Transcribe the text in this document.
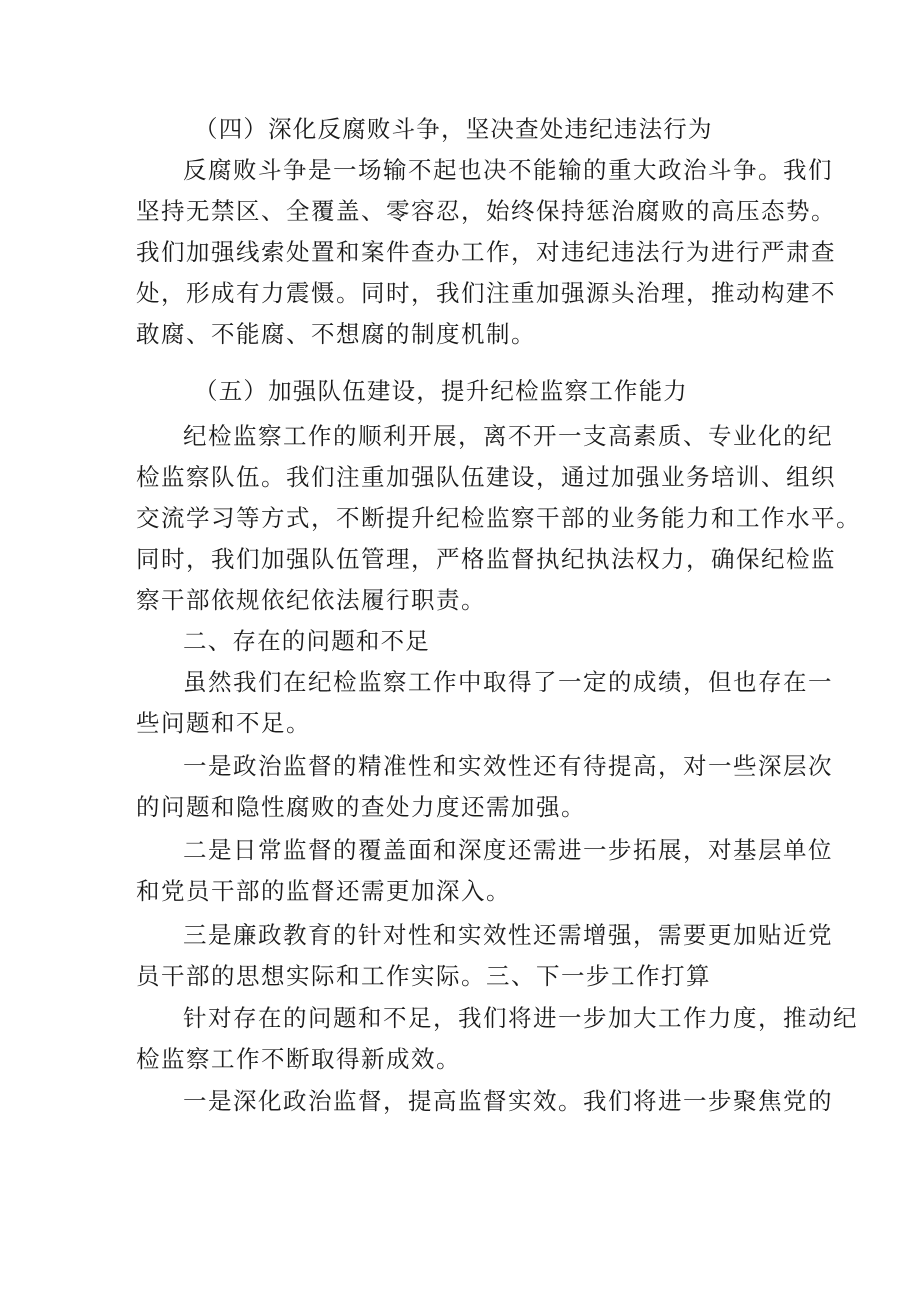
（四）深化反腐败斗争，坚决查处违纪违法行为
反腐败斗争是一场输不起也决不能输的重大政治斗争。我们
坚持无禁区、全覆盖、零容忍，始终保持惩治腐败的高压态势。
我们加强线索处置和案件查办工作，对违纪违法行为进行严肃查
处，形成有力震慑。同时，我们注重加强源头治理，推动构建不
敢腐、不能腐、不想腐的制度机制。
（五）加强队伍建设，提升纪检监察工作能力
纪检监察工作的顺利开展，离不开一支高素质、专业化的纪
检监察队伍。我们注重加强队伍建设，通过加强业务培训、组织
交流学习等方式，不断提升纪检监察干部的业务能力和工作水平。
同时，我们加强队伍管理，严格监督执纪执法权力，确保纪检监
察干部依规依纪依法履行职责。
二、存在的问题和不足
虽然我们在纪检监察工作中取得了一定的成绩，但也存在一
些问题和不足。
一是政治监督的精准性和实效性还有待提高，对一些深层次
的问题和隐性腐败的查处力度还需加强。
二是日常监督的覆盖面和深度还需进一步拓展，对基层单位
和党员干部的监督还需更加深入。
三是廉政教育的针对性和实效性还需增强，需要更加贴近党
员干部的思想实际和工作实际。三、下一步工作打算
针对存在的问题和不足，我们将进一步加大工作力度，推动纪
检监察工作不断取得新成效。
一是深化政治监督，提高监督实效。我们将进一步聚焦党的
